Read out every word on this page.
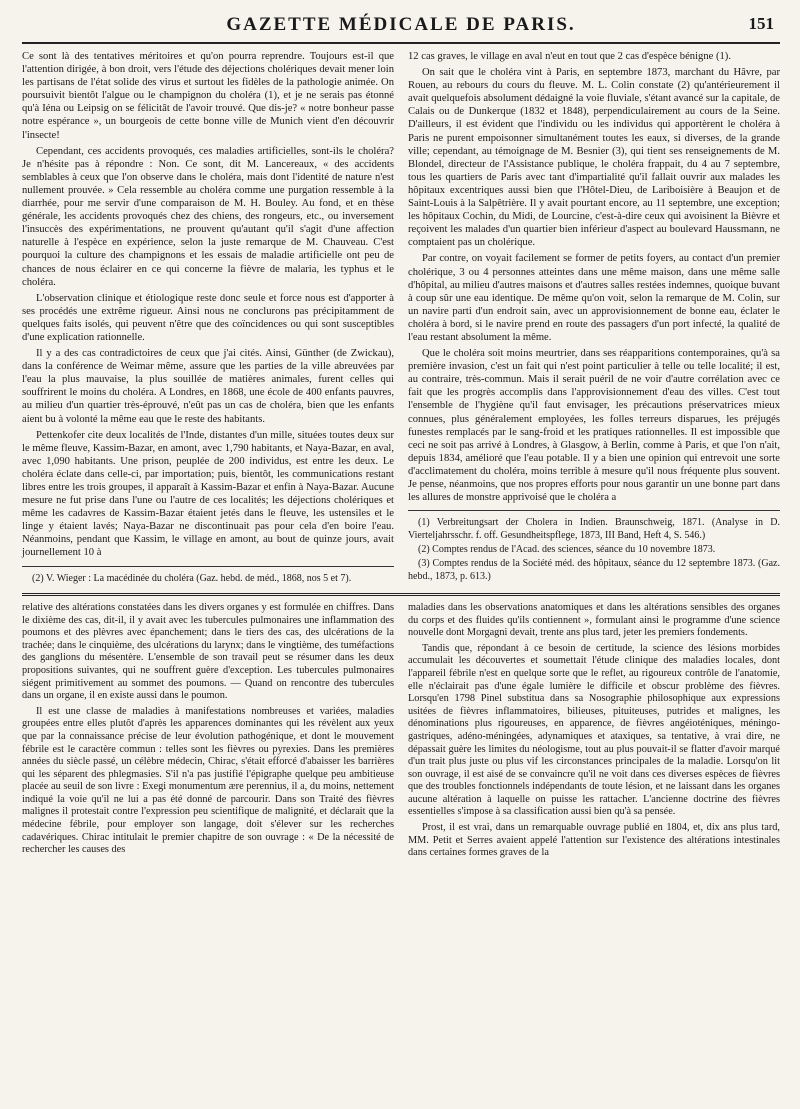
GAZETTE MÉDICALE DE PARIS.	151

Ce sont là des tentatives méritoires et qu'on pourra reprendre. Toujours est-il que l'attention dirigée, à bon droit, vers l'étude des déjections cholériques devait mener loin les partisans de l'état solide des virus et surtout les fidèles de la pathologie animée. On poursuivit bientôt l'algue ou le champignon du choléra (1), et je ne serais pas étonné qu'à Iéna ou Leipsig on se félicitât de l'avoir trouvé. Que dis-je? « notre bonheur passe notre espérance », un bourgeois de cette bonne ville de Munich vient d'en découvrir l'insecte!

Cependant, ces accidents provoqués, ces maladies artificielles, sont-ils le choléra? Je n'hésite pas à répondre : Non. Ce sont, dit M. Lancereaux, « des accidents semblables à ceux que l'on observe dans le choléra, mais dont l'identité de nature n'est nullement prouvée. » Cela ressemble au choléra comme une purgation ressemble à la diarrhée, pour me servir d'une comparaison de M. H. Bouley. Au fond, et en thèse générale, les accidents provoqués chez des chiens, des rongeurs, etc., ou inversement l'insuccès des expérimentations, ne prouvent qu'autant qu'il s'agit d'une affection naturelle à l'espèce en expérience, selon la juste remarque de M. Chauveau. C'est pourquoi la culture des champignons et les essais de maladie artificielle ont peu de chances de nous éclairer en ce qui concerne la fièvre de malaria, les typhus et le choléra.

L'observation clinique et étiologique reste donc seule et force nous est d'apporter à ses procédés une extrême rigueur. Ainsi nous ne conclurons pas précipitamment de quelques faits isolés, qui peuvent n'être que des coïncidences ou qui sont susceptibles d'une explication rationnelle.

Il y a des cas contradictoires de ceux que j'ai cités. Ainsi, Günther (de Zwickau), dans la conférence de Weimar même, assure que les parties de la ville abreuvées par l'eau la plus mauvaise, la plus souillée de matières animales, furent celles qui souffrirent le moins du choléra. A Londres, en 1868, une école de 400 enfants pauvres, au milieu d'un quartier très-éprouvé, n'eût pas un cas de choléra, bien que les enfants aient bu à volonté la même eau que le reste des habitants.

Pettenkofer cite deux localités de l'Inde, distantes d'un mille, situées toutes deux sur le même fleuve, Kassim-Bazar, en amont, avec 1,790 habitants, et Naya-Bazar, en aval, avec 1,090 habitants. Une prison, peuplée de 200 individus, est entre les deux. Le choléra éclate dans celle-ci, par importation; puis, bientôt, les communications restant libres entre les trois groupes, il apparaît à Kassim-Bazar et enfin à Naya-Bazar. Aucune mesure ne fut prise dans l'une ou l'autre de ces localités; les déjections cholériques et même les cadavres de Kassim-Bazar étaient jetés dans le fleuve, les ustensiles et le linge y étaient lavés; Naya-Bazar ne discontinuait pas pour cela d'en boire l'eau. Néanmoins, pendant que Kassim, le village en amont, au bout de quinze jours, avait journellement 10 à

(2) V. Wieger : La macédinée du choléra (Gaz. hebd. de méd., 1868, nos 5 et 7).

12 cas graves, le village en aval n'eut en tout que 2 cas d'espèce bénigne (1).

On sait que le choléra vint à Paris, en septembre 1873, marchant du Hâvre, par Rouen, au rebours du cours du fleuve. M. L. Colin constate (2) qu'antérieurement il avait quelquefois absolument dédaigné la voie fluviale, s'étant avancé sur la capitale, de Calais ou de Dunkerque (1832 et 1848), perpendiculairement au cours de la Seine. D'ailleurs, il est évident que l'individu ou les individus qui apportèrent le choléra à Paris ne purent empoisonner simultanément toutes les eaux, si diverses, de la grande ville; cependant, au témoignage de M. Besnier (3), qui tient ses renseignements de M. Blondel, directeur de l'Assistance publique, le choléra frappait, du 4 au 7 septembre, tous les quartiers de Paris avec tant d'impartialité qu'il fallait ouvrir aux malades les hôpitaux excentriques aussi bien que l'Hôtel-Dieu, de Lariboisière à Beaujon et de Saint-Louis à la Salpêtrière. Il y avait pourtant encore, au 11 septembre, une exception; les hôpitaux Cochin, du Midi, de Lourcine, c'est-à-dire ceux qui avoisinent la Bièvre et reçoivent les malades d'un quartier bien inférieur d'aspect au boulevard Haussmann, ne comptaient pas un cholérique.

Par contre, on voyait facilement se former de petits foyers, au contact d'un premier cholérique, 3 ou 4 personnes atteintes dans une même maison, dans une même salle d'hôpital, au milieu d'autres maisons et d'autres salles restées indemnes, quoique buvant à coup sûr une eau identique. De même qu'on voit, selon la remarque de M. Colin, sur un navire parti d'un endroit sain, avec un approvisionnement de bonne eau, éclater le choléra à bord, si le navire prend en route des passagers d'un port infecté, la qualité de l'eau restant absolument la même.

Que le choléra soit moins meurtrier, dans ses réapparitions contemporaines, qu'à sa première invasion, c'est un fait qui n'est point particulier à telle ou telle localité; il est, au contraire, très-commun. Mais il serait puéril de ne voir d'autre corrélation avec ce fait que les progrès accomplis dans l'approvisionnement d'eau des villes. C'est tout l'ensemble de l'hygiène qu'il faut envisager, les précautions préservatrices mieux connues, plus généralement employées, les folles terreurs disparues, les préjugés funestes remplacés par le sang-froid et les pratiques rationnelles. Il est impossible que ceci ne soit pas arrivé à Londres, à Glasgow, à Berlin, comme à Paris, et que l'on n'ait, depuis 1834, amélioré que l'eau potable. Il y a bien une opinion qui entrevoit une sorte d'acclimatement du choléra, moins terrible à mesure qu'il nous fréquente plus souvent. Je pense, néanmoins, que nos propres efforts pour nous garantir un une bonne part dans les allures de monstre apprivoisé que le choléra a

(1) Verbreitungsart der Cholera in Indien. Braunschweig, 1871. (Analyse in D. Vierteljahrsschr. f. off. Gesundheitspflege, 1873, III Band, Heft 4, S. 546.)

(2) Comptes rendus de l'Acad. des sciences, séance du 10 novembre 1873.

(3) Comptes rendus de la Société méd. des hôpitaux, séance du 12 septembre 1873. (Gaz. hebd., 1873, p. 613.)

relative des altérations constatées dans les divers organes y est formulée en chiffres. Dans le dixième des cas, dit-il, il y avait avec les tubercules pulmonaires une inflammation des poumons et des plèvres avec épanchement; dans le tiers des cas, des ulcérations de la trachée; dans le cinquième, des ulcérations du larynx; dans le vingtième, des tuméfactions des ganglions du mésentère. L'ensemble de son travail peut se résumer dans les deux propositions suivantes, qui ne souffrent guère d'exception. Les tubercules pulmonaires siégent primitivement au sommet des poumons. — Quand on rencontre des tubercules dans un organe, il en existe aussi dans le poumon.

Il est une classe de maladies à manifestations nombreuses et variées, maladies groupées entre elles plutôt d'après les apparences dominantes qui les révèlent aux yeux que par la connaissance précise de leur évolution pathogénique, et dont le mouvement fébrile est le caractère commun : telles sont les fièvres ou pyrexies. Dans les premières années du siècle passé, un célèbre médecin, Chirac, s'était efforcé d'abaisser les barrières qui les séparent des phlegmasies. S'il n'a pas justifié l'épigraphe quelque peu ambitieuse placée au seuil de son livre : Exegi monumentum ære perennius, il a, du moins, nettement indiqué la voie qu'il ne lui a pas été donné de parcourir. Dans son Traité des fièvres malignes il protestait contre l'expression peu scientifique de malignité, et déclarait que la médecine fébrile, pour employer son langage, doit s'élever sur les recherches cadavériques. Chirac intitulait le premier chapitre de son ouvrage : « De la nécessité de rechercher les causes des

maladies dans les observations anatomiques et dans les altérations sensibles des organes du corps et des fluides qu'ils contiennent », formulant ainsi le programme d'une science nouvelle dont Morgagni devait, trente ans plus tard, jeter les premiers fondements.

Tandis que, répondant à ce besoin de certitude, la science des lésions morbides accumulait les découvertes et soumettait l'étude clinique des maladies locales, dont l'appareil fébrile n'est en quelque sorte que le reflet, au rigoureux contrôle de l'anatomie, elle n'éclairait pas d'une égale lumière le difficile et obscur problème des fièvres. Lorsqu'en 1798 Pinel substitua dans sa Nosographie philosophique aux expressions usitées de fièvres inflammatoires, bilieuses, pituiteuses, putrides et malignes, les dénominations plus rigoureuses, en apparence, de fièvres angéioténiques, méningo-gastriques, adéno-méningées, adynamiques et ataxiques, sa tentative, à vrai dire, ne dépassait guère les limites du néologisme, tout au plus pouvait-il se flatter d'avoir marqué d'un trait plus juste ou plus vif les circonstances principales de la maladie. Lorsqu'on lit son ouvrage, il est aisé de se convaincre qu'il ne voit dans ces diverses espèces de fièvres que des troubles fonctionnels indépendants de toute lésion, et ne laissant dans les organes aucune altération à laquelle on puisse les rattacher. L'ancienne doctrine des fièvres essentielles s'impose à sa classification aussi bien qu'à sa pensée.

Prost, il est vrai, dans un remarquable ouvrage publié en 1804, et, dix ans plus tard, MM. Petit et Serres avaient appelé l'attention sur l'existence des altérations intestinales dans certaines formes graves de la
